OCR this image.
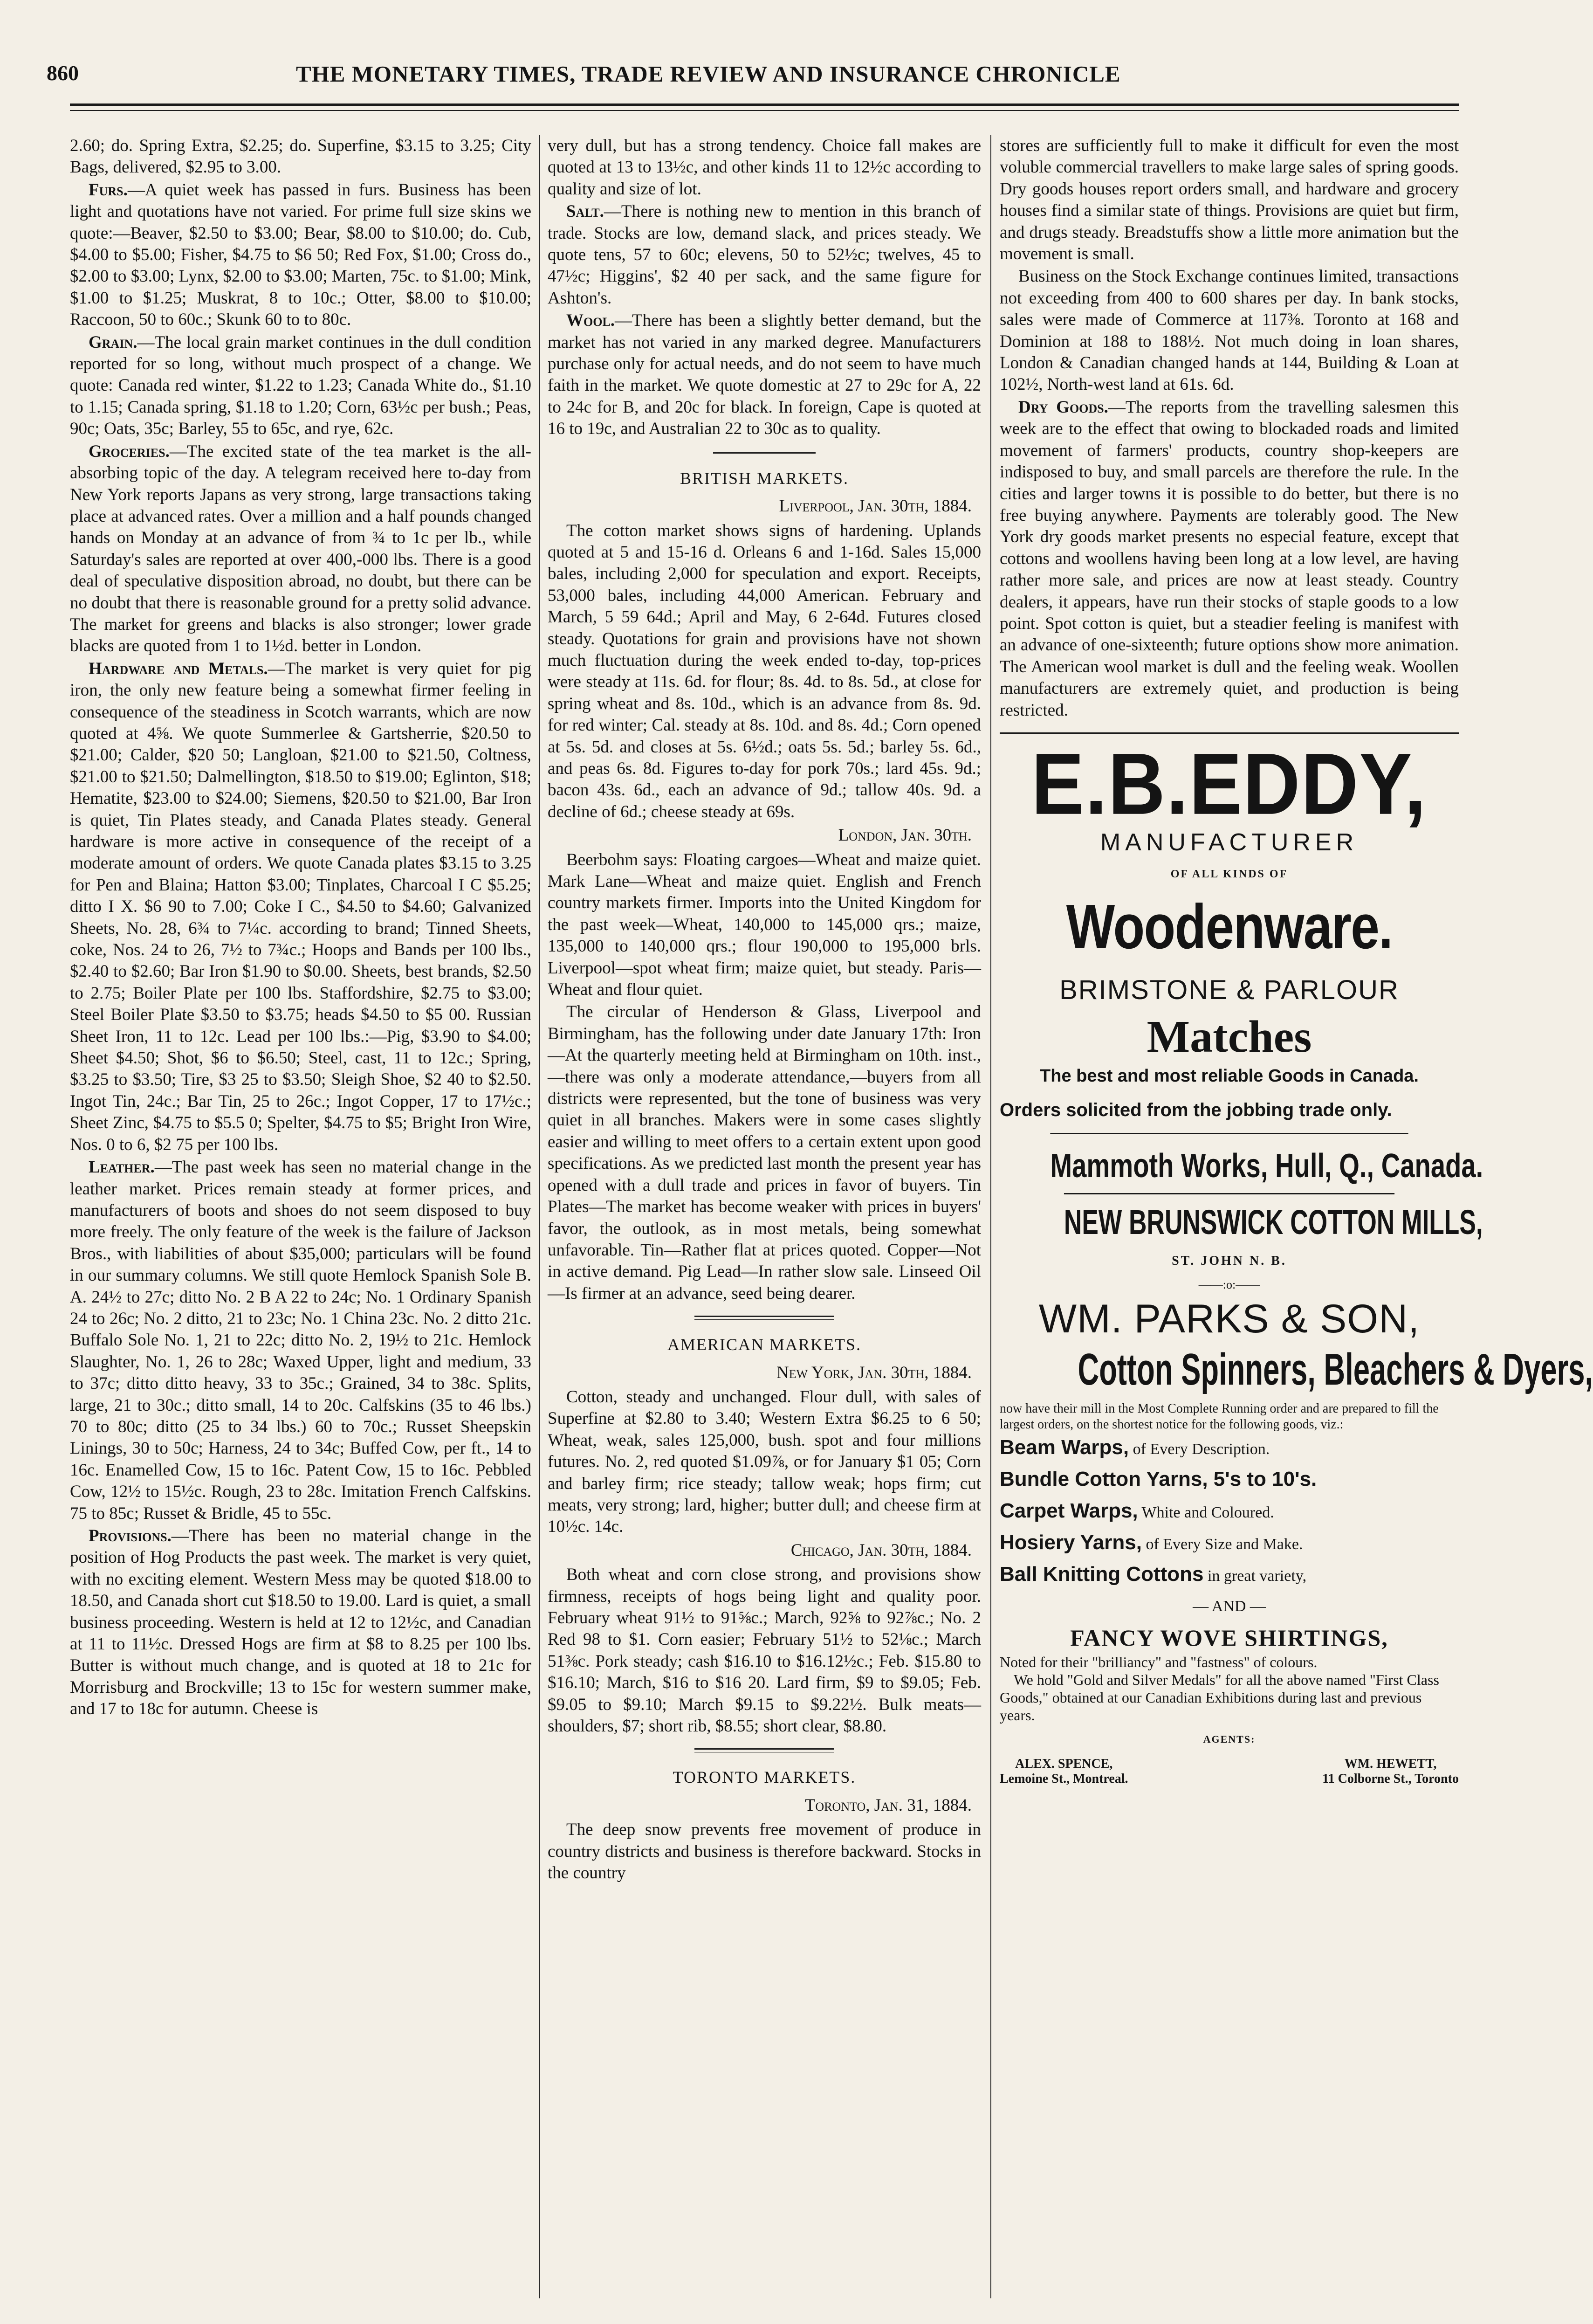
860	THE MONETARY TIMES, TRADE REVIEW AND INSURANCE CHRONICLE

2.60; do. Spring Extra, $2.25; do. Superfine, $3.15 to 3.25; City Bags, delivered, $2.95 to 3.00.

Furs.—A quiet week has passed in furs. Business has been light and quotations have not varied. For prime full size skins we quote:—Beaver, $2.50 to $3.00; Bear, $8.00 to $10.00; do. Cub, $4.00 to $5.00; Fisher, $4.75 to $6 50; Red Fox, $1.00; Cross do., $2.00 to $3.00; Lynx, $2.00 to $3.00; Marten, 75c. to $1.00; Mink, $1.00 to $1.25; Muskrat, 8 to 10c.; Otter, $8.00 to $10.00; Raccoon, 50 to 60c.; Skunk 60 to to 80c.

Grain.—The local grain market continues in the dull condition reported for so long, without much prospect of a change. We quote: Canada red winter, $1.22 to 1.23; Canada White do., $1.10 to 1.15; Canada spring, $1.18 to 1.20; Corn, 63½c per bush.; Peas, 90c; Oats, 35c; Barley, 55 to 65c, and rye, 62c.

Groceries.—The excited state of the tea market is the all-absorbing topic of the day. A telegram received here to-day from New York reports Japans as very strong, large transactions taking place at advanced rates. Over a million and a half pounds changed hands on Monday at an advance of from ¾ to 1c per lb., while Saturday's sales are reported at over 400,-000 lbs. There is a good deal of speculative disposition abroad, no doubt, but there can be no doubt that there is reasonable ground for a pretty solid advance. The market for greens and blacks is also stronger; lower grade blacks are quoted from 1 to 1½d. better in London.

Hardware and Metals.—The market is very quiet for pig iron, the only new feature being a somewhat firmer feeling in consequence of the steadiness in Scotch warrants, which are now quoted at 4⅝. We quote Summerlee & Gartsherrie, $20.50 to $21.00; Calder, $20 50; Langloan, $21.00 to $21.50, Coltness, $21.00 to $21.50; Dalmellington, $18.50 to $19.00; Eglinton, $18; Hematite, $23.00 to $24.00; Siemens, $20.50 to $21.00, Bar Iron is quiet, Tin Plates steady, and Canada Plates steady. General hardware is more active in consequence of the receipt of a moderate amount of orders. We quote Canada plates $3.15 to 3.25 for Pen and Blaina; Hatton $3.00; Tinplates, Charcoal I C $5.25; ditto I X. $6 90 to 7.00; Coke I C., $4.50 to $4.60; Galvanized Sheets, No. 28, 6¾ to 7¼c. according to brand; Tinned Sheets, coke, Nos. 24 to 26, 7½ to 7¾c.; Hoops and Bands per 100 lbs., $2.40 to $2.60; Bar Iron $1.90 to $0.00. Sheets, best brands, $2.50 to 2.75; Boiler Plate per 100 lbs. Staffordshire, $2.75 to $3.00; Steel Boiler Plate $3.50 to $3.75; heads $4.50 to $5 00. Russian Sheet Iron, 11 to 12c. Lead per 100 lbs.:—Pig, $3.90 to $4.00; Sheet $4.50; Shot, $6 to $6.50; Steel, cast, 11 to 12c.; Spring, $3.25 to $3.50; Tire, $3 25 to $3.50; Sleigh Shoe, $2 40 to $2.50. Ingot Tin, 24c.; Bar Tin, 25 to 26c.; Ingot Copper, 17 to 17½c.; Sheet Zinc, $4.75 to $5.5 0; Spelter, $4.75 to $5; Bright Iron Wire, Nos. 0 to 6, $2 75 per 100 lbs.

Leather.—The past week has seen no material change in the leather market. Prices remain steady at former prices, and manufacturers of boots and shoes do not seem disposed to buy more freely. The only feature of the week is the failure of Jackson Bros., with liabilities of about $35,000; particulars will be found in our summary columns. We still quote Hemlock Spanish Sole B. A. 24½ to 27c; ditto No. 2 B A 22 to 24c; No. 1 Ordinary Spanish 24 to 26c; No. 2 ditto, 21 to 23c; No. 1 China 23c. No. 2 ditto 21c. Buffalo Sole No. 1, 21 to 22c; ditto No. 2, 19½ to 21c. Hemlock Slaughter, No. 1, 26 to 28c; Waxed Upper, light and medium, 33 to 37c; ditto ditto heavy, 33 to 35c.; Grained, 34 to 38c. Splits, large, 21 to 30c.; ditto small, 14 to 20c. Calfskins (35 to 46 lbs.) 70 to 80c; ditto (25 to 34 lbs.) 60 to 70c.; Russet Sheepskin Linings, 30 to 50c; Harness, 24 to 34c; Buffed Cow, per ft., 14 to 16c. Enamelled Cow, 15 to 16c. Patent Cow, 15 to 16c. Pebbled Cow, 12½ to 15½c. Rough, 23 to 28c. Imitation French Calfskins. 75 to 85c; Russet & Bridle, 45 to 55c.

Provisions.—There has been no material change in the position of Hog Products the past week. The market is very quiet, with no exciting element. Western Mess may be quoted $18.00 to 18.50, and Canada short cut $18.50 to 19.00. Lard is quiet, a small business proceeding. Western is held at 12 to 12½c, and Canadian at 11 to 11½c. Dressed Hogs are firm at $8 to 8.25 per 100 lbs. Butter is without much change, and is quoted at 18 to 21c for Morrisburg and Brockville; 13 to 15c for western summer make, and 17 to 18c for autumn. Cheese is

very dull, but has a strong tendency. Choice fall makes are quoted at 13 to 13½c, and other kinds 11 to 12½c according to quality and size of lot.

Salt.—There is nothing new to mention in this branch of trade. Stocks are low, demand slack, and prices steady. We quote tens, 57 to 60c; elevens, 50 to 52½c; twelves, 45 to 47½c; Higgins', $2 40 per sack, and the same figure for Ashton's.

Wool.—There has been a slightly better demand, but the market has not varied in any marked degree. Manufacturers purchase only for actual needs, and do not seem to have much faith in the market. We quote domestic at 27 to 29c for A, 22 to 24c for B, and 20c for black. In foreign, Cape is quoted at 16 to 19c, and Australian 22 to 30c as to quality.

BRITISH MARKETS.
Liverpool, Jan. 30th, 1884.

The cotton market shows signs of hardening. Uplands quoted at 5 and 15-16 d. Orleans 6 and 1-16d. Sales 15,000 bales, including 2,000 for speculation and export. Receipts, 53,000 bales, including 44,000 American. February and March, 5 59 64d.; April and May, 6 2-64d. Futures closed steady. Quotations for grain and provisions have not shown much fluctuation during the week ended to-day, top-prices were steady at 11s. 6d. for flour; 8s. 4d. to 8s. 5d., at close for spring wheat and 8s. 10d., which is an advance from 8s. 9d. for red winter; Cal. steady at 8s. 10d. and 8s. 4d.; Corn opened at 5s. 5d. and closes at 5s. 6½d.; oats 5s. 5d.; barley 5s. 6d., and peas 6s. 8d. Figures to-day for pork 70s.; lard 45s. 9d.; bacon 43s. 6d., each an advance of 9d.; tallow 40s. 9d. a decline of 6d.; cheese steady at 69s.

London, Jan. 30th.

Beerbohm says: Floating cargoes—Wheat and maize quiet. Mark Lane—Wheat and maize quiet. English and French country markets firmer. Imports into the United Kingdom for the past week—Wheat, 140,000 to 145,000 qrs.; maize, 135,000 to 140,000 qrs.; flour 190,000 to 195,000 brls. Liverpool—spot wheat firm; maize quiet, but steady. Paris—Wheat and flour quiet.

The circular of Henderson & Glass, Liverpool and Birmingham, has the following under date January 17th: Iron—At the quarterly meeting held at Birmingham on 10th. inst.,—there was only a moderate attendance,—buyers from all districts were represented, but the tone of business was very quiet in all branches. Makers were in some cases slightly easier and willing to meet offers to a certain extent upon good specifications. As we predicted last month the present year has opened with a dull trade and prices in favor of buyers. Tin Plates—The market has become weaker with prices in buyers' favor, the outlook, as in most metals, being somewhat unfavorable. Tin—Rather flat at prices quoted. Copper—Not in active demand. Pig Lead—In rather slow sale. Linseed Oil—Is firmer at an advance, seed being dearer.

AMERICAN MARKETS.
New York, Jan. 30th, 1884.

Cotton, steady and unchanged. Flour dull, with sales of Superfine at $2.80 to 3.40; Western Extra $6.25 to 6 50; Wheat, weak, sales 125,000, bush. spot and four millions futures. No. 2, red quoted $1.09⅞, or for January $1 05; Corn and barley firm; rice steady; tallow weak; hops firm; cut meats, very strong; lard, higher; butter dull; and cheese firm at 10½c. 14c.

Chicago, Jan. 30th, 1884.

Both wheat and corn close strong, and provisions show firmness, receipts of hogs being light and quality poor. February wheat 91½ to 91⅝c.; March, 92⅝ to 92⅞c.; No. 2 Red 98 to $1. Corn easier; February 51½ to 52⅛c.; March 51⅜c. Pork steady; cash $16.10 to $16.12½c.; Feb. $15.80 to $16.10; March, $16 to $16 20. Lard firm, $9 to $9.05; Feb. $9.05 to $9.10; March $9.15 to $9.22½. Bulk meats—shoulders, $7; short rib, $8.55; short clear, $8.80.

TORONTO MARKETS.
Toronto, Jan. 31, 1884.

The deep snow prevents free movement of produce in country districts and business is therefore backward. Stocks in the country

stores are sufficiently full to make it difficult for even the most voluble commercial travellers to make large sales of spring goods. Dry goods houses report orders small, and hardware and grocery houses find a similar state of things. Provisions are quiet but firm, and drugs steady. Breadstuffs show a little more animation but the movement is small.

Business on the Stock Exchange continues limited, transactions not exceeding from 400 to 600 shares per day. In bank stocks, sales were made of Commerce at 117⅜. Toronto at 168 and Dominion at 188 to 188½. Not much doing in loan shares, London & Canadian changed hands at 144, Building & Loan at 102½, North-west land at 61s. 6d.

Dry Goods.—The reports from the travelling salesmen this week are to the effect that owing to blockaded roads and limited movement of farmers' products, country shop-keepers are indisposed to buy, and small parcels are therefore the rule. In the cities and larger towns it is possible to do better, but there is no free buying anywhere. Payments are tolerably good. The New York dry goods market presents no especial feature, except that cottons and woollens having been long at a low level, are having rather more sale, and prices are now at least steady. Country dealers, it appears, have run their stocks of staple goods to a low point. Spot cotton is quiet, but a steadier feeling is manifest with an advance of one-sixteenth; future options show more animation. The American wool market is dull and the feeling weak. Woollen manufacturers are extremely quiet, and production is being restricted.

E.B.EDDY,
MANUFACTURER
OF ALL KINDS OF
Woodenware.
BRIMSTONE & PARLOUR
Matches
The best and most reliable Goods in Canada.
Orders solicited from the jobbing trade only.
Mammoth Works, Hull, Q., Canada.
NEW BRUNSWICK COTTON MILLS,
ST. JOHN N. B.
——:o:——
WM. PARKS & SON,
Cotton Spinners, Bleachers & Dyers,
now have their mill in the Most Complete Running order and are prepared to fill the largest orders, on the shortest notice for the following goods, viz.:
Beam Warps, of Every Description.
Bundle Cotton Yarns, 5's to 10's.
Carpet Warps, White and Coloured.
Hosiery Yarns, of Every Size and Make.
Ball Knitting Cottons in great variety,
— AND —
FANCY WOVE SHIRTINGS,
Noted for their "brilliancy" and "fastness" of colours.
We hold "Gold and Silver Medals" for all the above named "First Class Goods," obtained at our Canadian Exhibitions during last and previous years.
AGENTS:
ALEX. SPENCE,
Lemoine St., Montreal.
WM. HEWETT,
11 Colborne St., Toronto
